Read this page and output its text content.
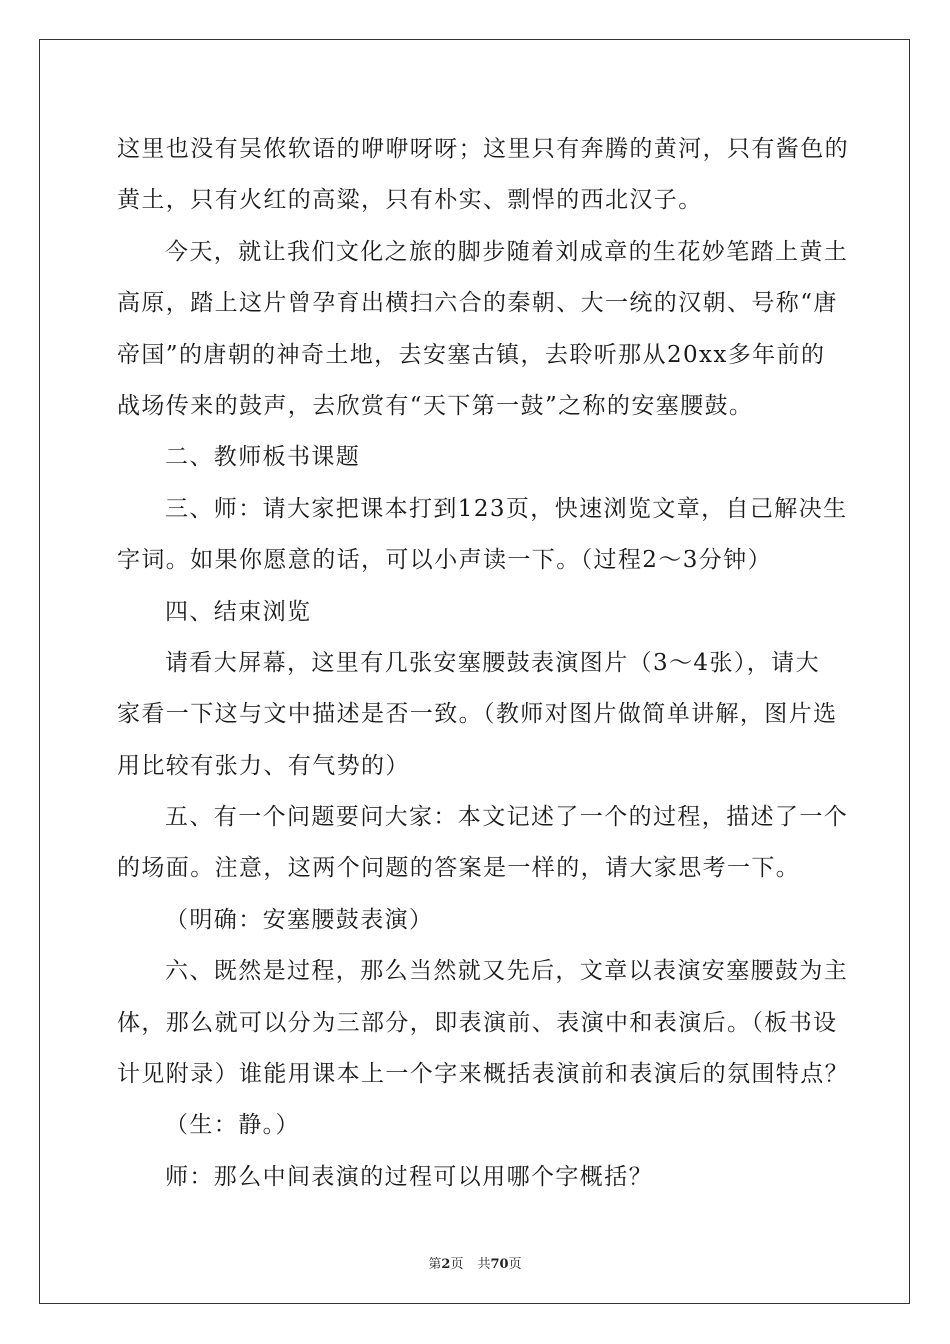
这里也没有吴侬软语的咿咿呀呀；这里只有奔腾的黄河，只有酱色的
黄土，只有火红的高粱，只有朴实、剽悍的西北汉子。
今天，就让我们文化之旅的脚步随着刘成章的生花妙笔踏上黄土
高原，踏上这片曾孕育出横扫六合的秦朝、大一统的汉朝、号称“唐
帝国”的唐朝的神奇土地，去安塞古镇，去聆听那从20xx多年前的
战场传来的鼓声，去欣赏有“天下第一鼓”之称的安塞腰鼓。
二、教师板书课题
三、师：请大家把课本打到123页，快速浏览文章，自己解决生
字词。如果你愿意的话，可以小声读一下。（过程2～3分钟）
四、结束浏览
请看大屏幕，这里有几张安塞腰鼓表演图片（3～4张），请大
家看一下这与文中描述是否一致。（教师对图片做简单讲解，图片选
用比较有张力、有气势的）
五、有一个问题要问大家：本文记述了一个的过程，描述了一个
的场面。注意，这两个问题的答案是一样的，请大家思考一下。
（明确：安塞腰鼓表演）
六、既然是过程，那么当然就又先后，文章以表演安塞腰鼓为主
体，那么就可以分为三部分，即表演前、表演中和表演后。（板书设
计见附录）谁能用课本上一个字来概括表演前和表演后的氛围特点？
（生：静。）
师：那么中间表演的过程可以用哪个字概括？
第2页 共70页
